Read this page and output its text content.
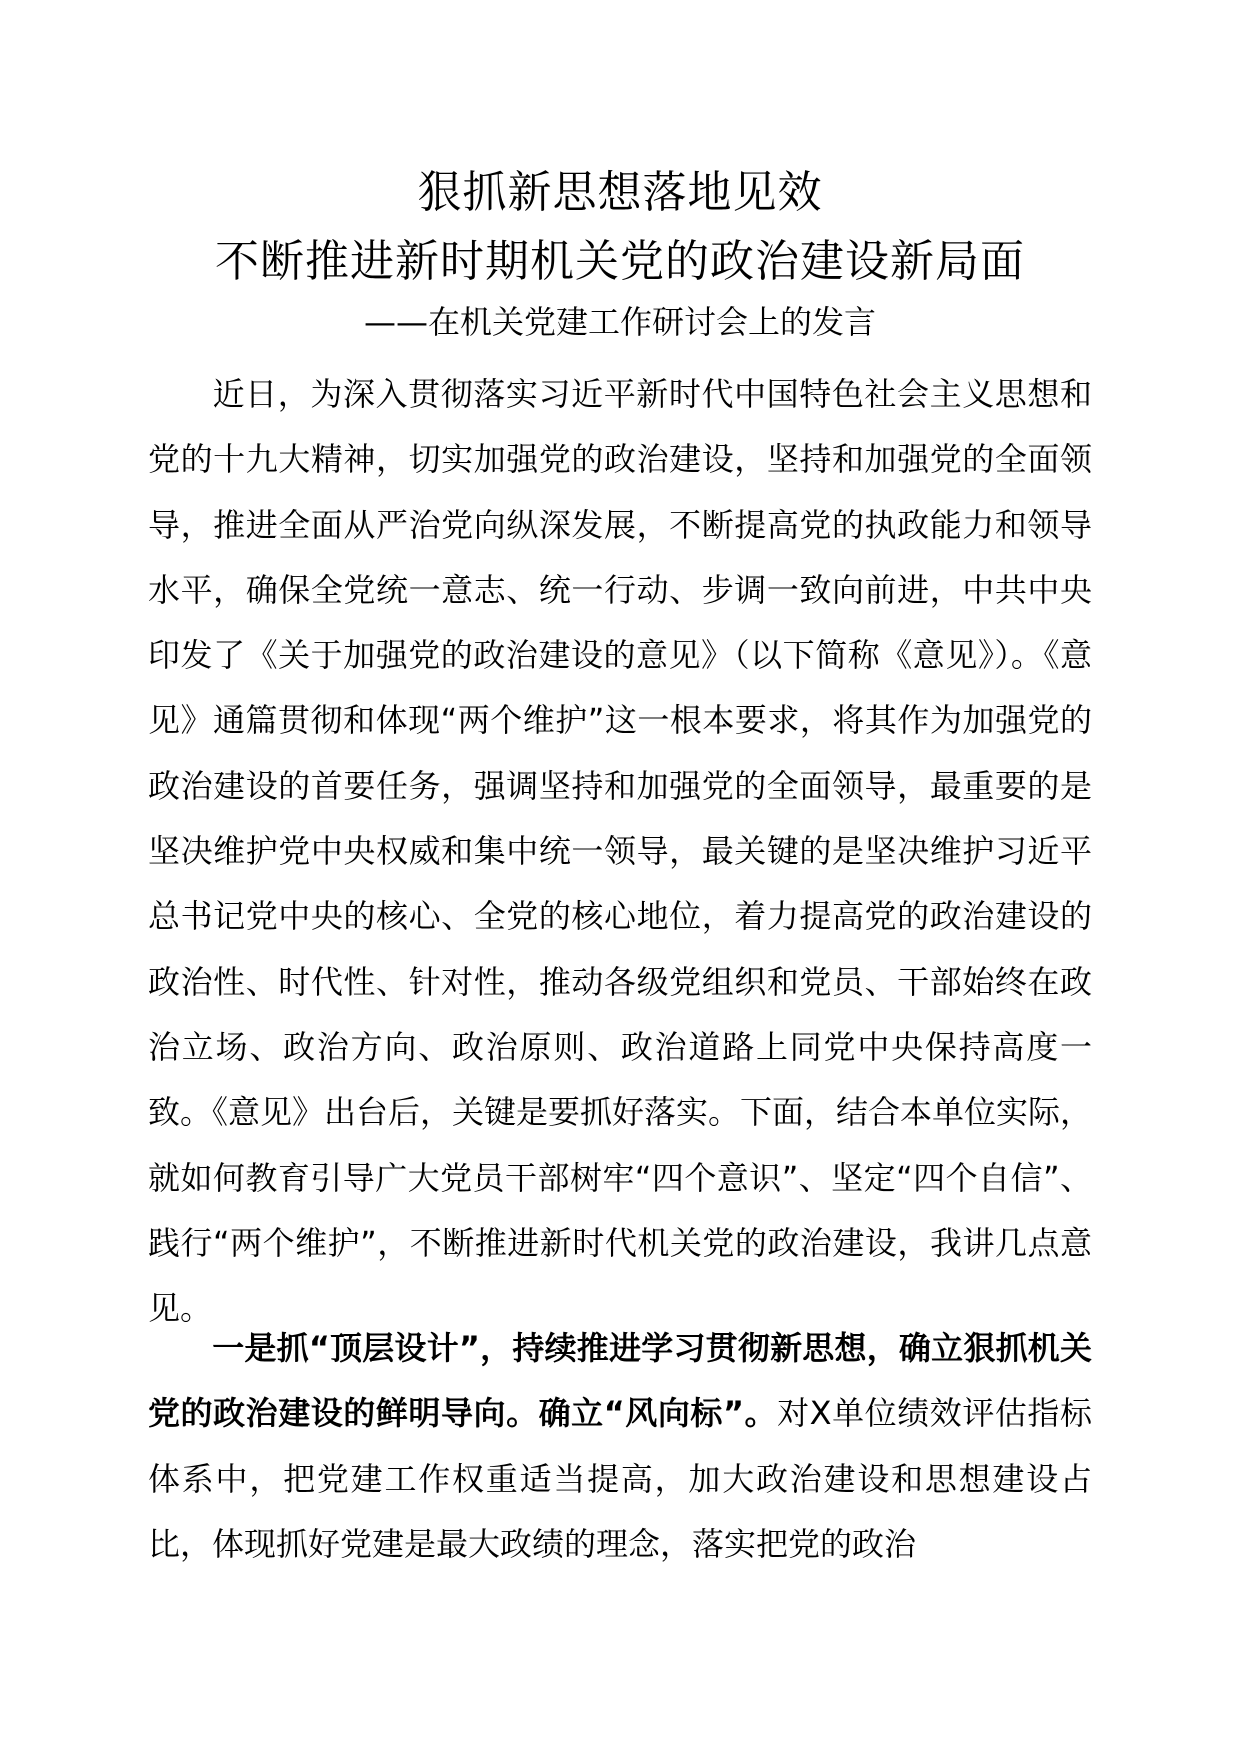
狠抓新思想落地见效
不断推进新时期机关党的政治建设新局面

——在机关党建工作研讨会上的发言

近日，为深入贯彻落实习近平新时代中国特色社会主义思想和党的十九大精神，切实加强党的政治建设，坚持和加强党的全面领导，推进全面从严治党向纵深发展，不断提高党的执政能力和领导水平，确保全党统一意志、统一行动、步调一致向前进，中共中央印发了《关于加强党的政治建设的意见》（以下简称《意见》）。《意见》通篇贯彻和体现“两个维护”这一根本要求，将其作为加强党的政治建设的首要任务，强调坚持和加强党的全面领导，最重要的是坚决维护党中央权威和集中统一领导，最关键的是坚决维护习近平总书记党中央的核心、全党的核心地位，着力提高党的政治建设的政治性、时代性、针对性，推动各级党组织和党员、干部始终在政治立场、政治方向、政治原则、政治道路上同党中央保持高度一致。《意见》出台后，关键是要抓好落实。下面，结合本单位实际，就如何教育引导广大党员干部树牢“四个意识”、坚定“四个自信”、践行“两个维护”，不断推进新时代机关党的政治建设，我讲几点意见。

一是抓“顶层设计”，持续推进学习贯彻新思想，确立狠抓机关党的政治建设的鲜明导向。确立“风向标”。对X单位绩效评估指标体系中，把党建工作权重适当提高，加大政治建设和思想建设占比，体现抓好党建是最大政绩的理念，落实把党的政治
